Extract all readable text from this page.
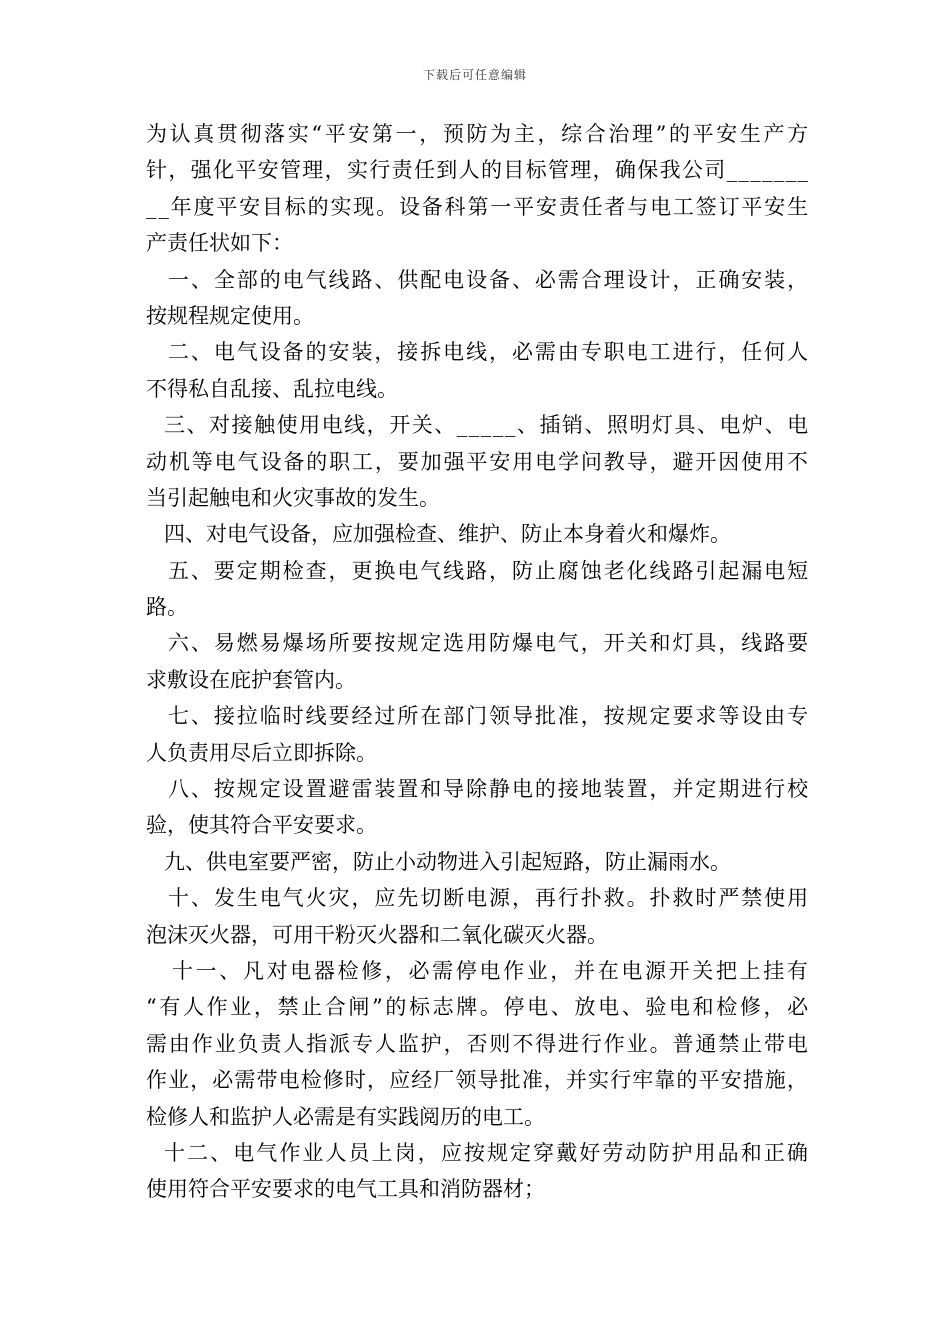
下载后可任意编辑
为认真贯彻落实“平安第一，预防为主，综合治理”的平安生产方
针，强化平安管理，实行责任到人的目标管理，确保我公司_______
__年度平安目标的实现。设备科第一平安责任者与电工签订平安生
产责任状如下：
一、全部的电气线路、供配电设备、必需合理设计，正确安装，
按规程规定使用。
二、电气设备的安装，接拆电线，必需由专职电工进行，任何人
不得私自乱接、乱拉电线。
三、对接触使用电线，开关、_____、插销、照明灯具、电炉、电
动机等电气设备的职工，要加强平安用电学问教导，避开因使用不
当引起触电和火灾事故的发生。
四、对电气设备，应加强检查、维护、防止本身着火和爆炸。
五、要定期检查，更换电气线路，防止腐蚀老化线路引起漏电短
路。
六、易燃易爆场所要按规定选用防爆电气，开关和灯具，线路要
求敷设在庇护套管内。
七、接拉临时线要经过所在部门领导批准，按规定要求等设由专
人负责用尽后立即拆除。
八、按规定设置避雷装置和导除静电的接地装置，并定期进行校
验，使其符合平安要求。
九、供电室要严密，防止小动物进入引起短路，防止漏雨水。
十、发生电气火灾，应先切断电源，再行扑救。扑救时严禁使用
泡沫灭火器，可用干粉灭火器和二氧化碳灭火器。
十一、凡对电器检修，必需停电作业，并在电源开关把上挂有
“有人作业，禁止合闸”的标志牌。停电、放电、验电和检修，必
需由作业负责人指派专人监护，否则不得进行作业。普通禁止带电
作业，必需带电检修时，应经厂领导批准，并实行牢靠的平安措施，
检修人和监护人必需是有实践阅历的电工。
十二、电气作业人员上岗，应按规定穿戴好劳动防护用品和正确
使用符合平安要求的电气工具和消防器材；
